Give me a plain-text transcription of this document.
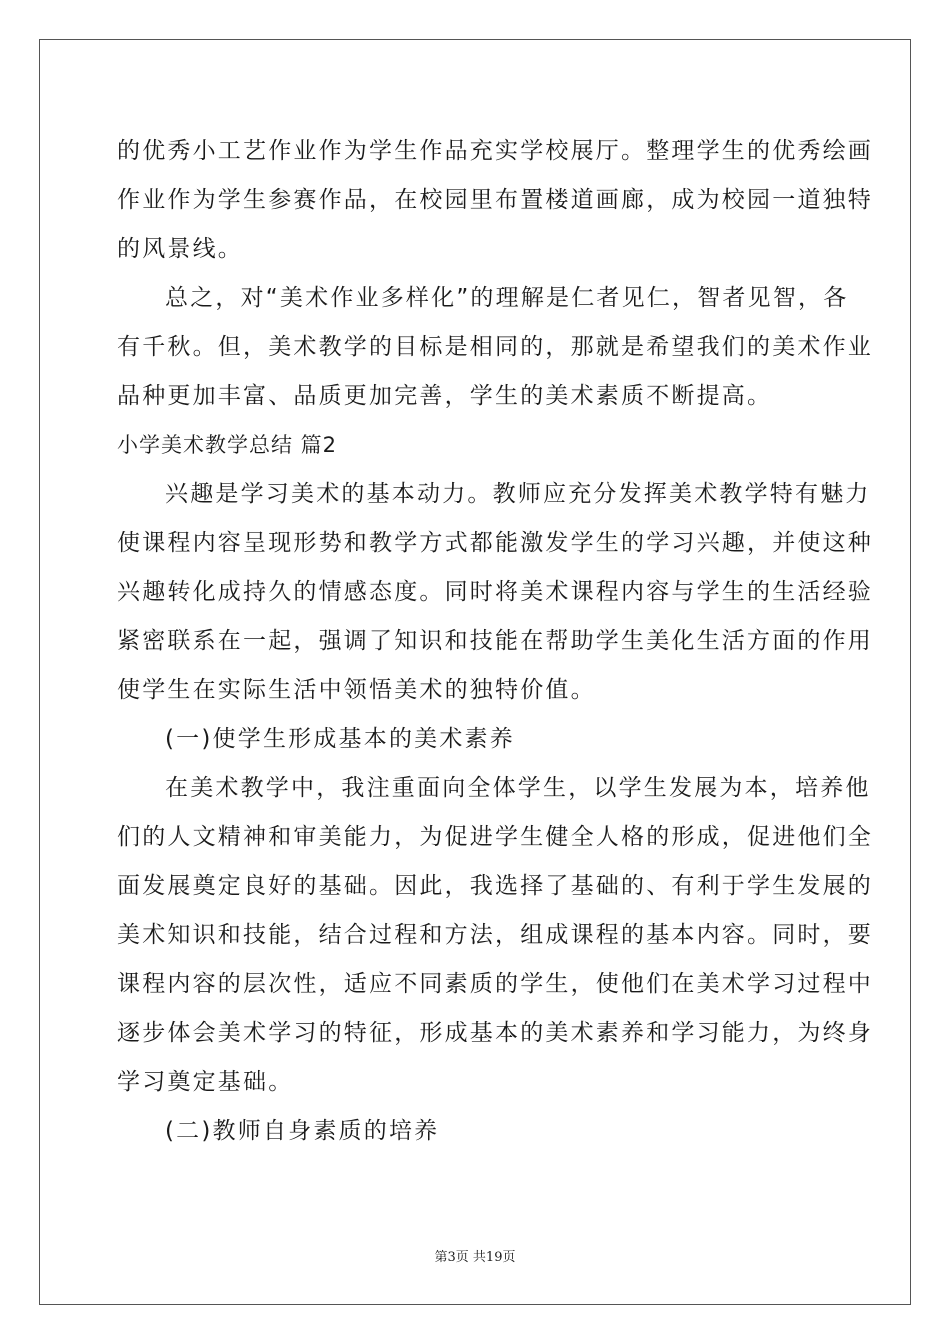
的优秀小工艺作业作为学生作品充实学校展厅。整理学生的优秀绘画
作业作为学生参赛作品，在校园里布置楼道画廊，成为校园一道独特
的风景线。
总之，对“美术作业多样化”的理解是仁者见仁，智者见智，各
有千秋。但，美术教学的目标是相同的，那就是希望我们的美术作业
品种更加丰富、品质更加完善，学生的美术素质不断提高。
小学美术教学总结 篇2
兴趣是学习美术的基本动力。教师应充分发挥美术教学特有魅力
使课程内容呈现形势和教学方式都能激发学生的学习兴趣，并使这种
兴趣转化成持久的情感态度。同时将美术课程内容与学生的生活经验
紧密联系在一起，强调了知识和技能在帮助学生美化生活方面的作用
使学生在实际生活中领悟美术的独特价值。
(一)使学生形成基本的美术素养
在美术教学中，我注重面向全体学生，以学生发展为本，培养他
们的人文精神和审美能力，为促进学生健全人格的形成，促进他们全
面发展奠定良好的基础。因此，我选择了基础的、有利于学生发展的
美术知识和技能，结合过程和方法，组成课程的基本内容。同时，要
课程内容的层次性，适应不同素质的学生，使他们在美术学习过程中
逐步体会美术学习的特征，形成基本的美术素养和学习能力，为终身
学习奠定基础。
(二)教师自身素质的培养
第3页 共19页
